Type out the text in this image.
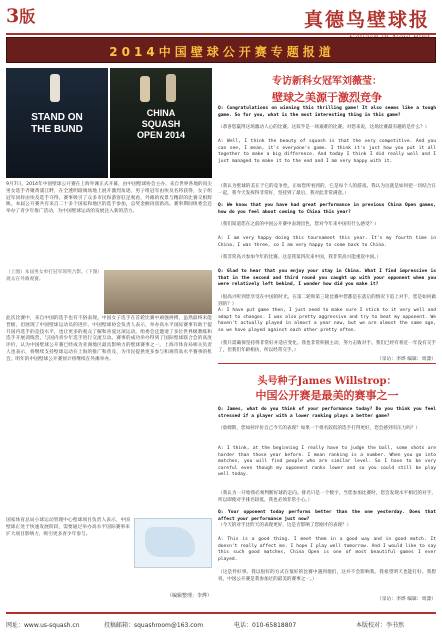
3版	真德鸟壁球报
2014中国壁球公开赛专题报道
STAND ON
THE BUND
CHINA
SQUASH
OPEN 2014
9月7日，2014年中国壁球公开赛在上海外滩正式开幕，由中国壁球协会主办。来自世界各地的顶尖男女选手齐聚黄浦江畔，在全透明玻璃场地上展开激烈角逐。男子组冠军由埃及名将获得，女子组冠军同样由埃及选手夺得。赛事吸引了众多市民和游客驻足观看，外滩的夜景与精彩的比赛交相辉映。本届公开赛共有来自二十多个国家和地区的选手参加，总奖金额再创新高。赛事期间组委会还举办了青少年推广活动，为中国壁球运动的发展注入新的活力。
（上图）本届男女单打冠军领奖合影。（下图）观众在外滩观赛。
此次比赛中，来自中国的选手也有不俗表现。中国女子选手在首轮比赛中顽强拼搏，虽然最终未能晋级，但展现了中国壁球运动员的进步。中国壁球协会负责人表示，举办高水平国际赛事有助于提升国内选手的竞技水平，也让更多的观众了解和喜爱这项运动。组委会还邀请了多位世界级教练和选手开展训练营，与国内青少年选手进行交流互动。赛事的成功举办得到了国际壁球联合会的高度评价，认为中国壁球公开赛已经成为亚洲地区最具影响力的壁球赛事之一。上海市体育局相关负责人也表示，将继续支持壁球运动在上海的推广和普及，为市民提供更多参与和观赏高水平赛事的机会。明年的中国壁球公开赛预计将继续在外滩举办。
国家体育总局小球运动管理中心壁球项目负责人表示，中国壁球正处于快速发展阶段，需要通过举办高水平国际赛事来扩大项目影响力，吸引更多青少年参与。
（编辑整理：李烨）
专访新科女冠军刘薇莹：
壁球之美源于激烈竞争
Q: Congratulations on winning this thrilling game! It also seems like a tough game. So for you, what is the most interesting thing in this game?
（恭喜您赢得这场激动人心的比赛。这似乎是一场艰难的比赛。对您来说，这场比赛最有趣的是什么？）
A: Well, I think the beauty of squash is that the very competitive. And you can see, I mean, it's everyone's game. I think it's just how you put it all together to make a big difference. And today I think I did really well and I just managed to make it to the end and I am very happy with it.
（我认为壁球的美在于它的竞争性。正如您所看到的，它是每个人的游戏。我认为这就是如何把一切结合在一起，我今天发挥得非常好，坚持到了最后，我对此非常满意。）
Q: We know that you have had great performance in previous China Open games, how do you feel about coming to China this year?
（我们知道您在之前的中国公开赛中表现出色，您对今年来中国有什么感受？）
A: I am very happy doing this tournament this year. It's my fourth time in China, I was three, so I am very happy to come back to China.
（我非常高兴参加今年的比赛。这是我第四次来中国，我非常高兴能重返中国。）
Q: Glad to hear that you enjoy your stay in China. What I find impressive is that in the second and third round you caught up with your opponent when you were relatively left behind, I wonder how did you make it?
（很高兴听到您享受在中国的时光。在第二轮和第三轮比赛中您都是在落后的情况下追上对手，您是如何做到的？）
A: I have put game then, I just need to make sure I stick to it very well and adapt to changes. I was also pretty aggressive and try to beat my opponent. We haven't actually played in almost a year now, but we are almost the same age, so we have played against each other pretty often.
（我只需确保坚持得非常好并适应变化。我也非常积极主动，努力击败对手。我们已经有将近一年没有交手了，但我们年龄相仿，所以经常交手。）
（采访：李烨 编辑：周潇）
头号种子James Willstrop：
中国公开赛是最美的赛事之一
Q: James, what do you think of your performance today? Do you think you feel stressed if a player with a lower ranking plays a better game?
（詹姆斯，您如何评价自己今天的表现？如果一个排名较低的选手打得更好，您会感到有压力吗？）
A: I think, at the beginning I really have to judge the ball, some shots are harder than those year before. I mean ranking is a number. When you go into matches, you will find people who are similar level. So I have to be very careful even though my opponent ranks lower and so you could still be play well today.
（我认为一开始我必须判断好球的走向。排名只是一个数字，当您参加比赛时，您会发现水平相近的对手，所以即使对手排名较低，我也必须非常小心。）
Q: Your opponent today performs better than the one yesterday. Does that affect your performance just now?
（今天的对手比昨天的表现更好，这是否影响了您刚才的表现？）
A: This is a good thing. I meet them in a good way and in good match. It doesn't really affect me. I hope I play well tomorrow. And I would like to say this such good matches, China Open is one of most beautiful games I ever played.
（这是件好事。我以很好的方式在很好的比赛中遇到他们，这并不会影响我。我希望明天也能打好。我想说，中国公开赛是我参加过的最美的赛事之一。）
（采访：李烨 编辑：周潇）
网址：www.us-squash.cn	投稿邮箱：squashroom@163.com	电话：010-65818807	本版校对：李书然
